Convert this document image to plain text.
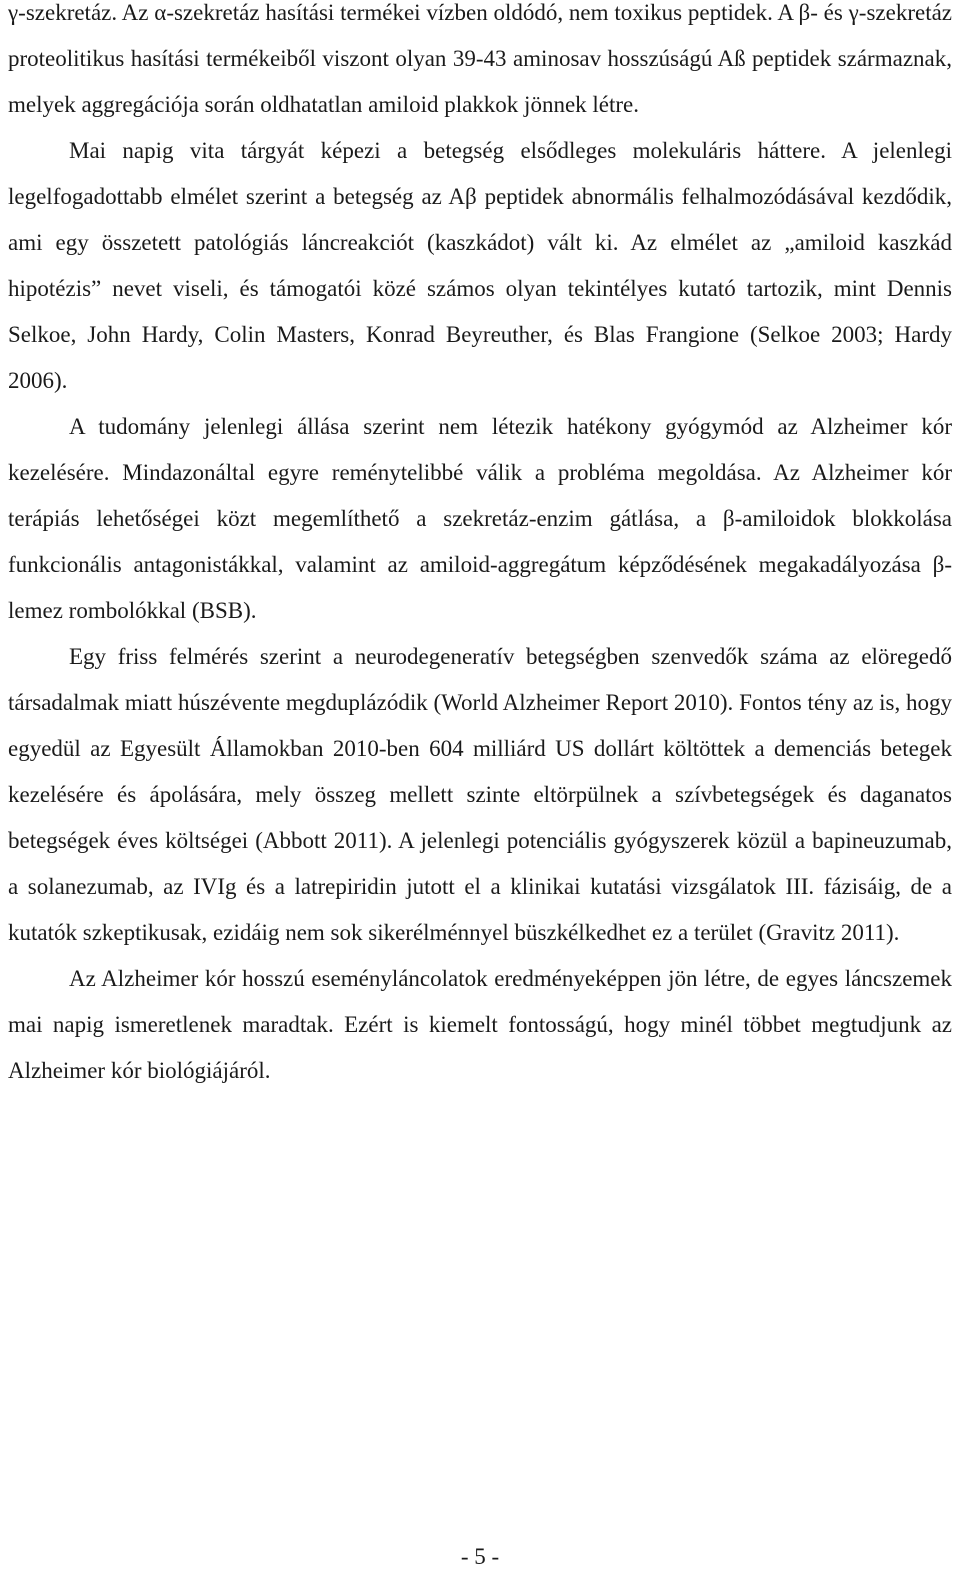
γ-szekretáz. Az α-szekretáz hasítási termékei vízben oldódó, nem toxikus peptidek. A β- és γ-szekretáz proteolitikus hasítási termékeiből viszont olyan 39-43 aminosav hosszúságú Aß peptidek származnak, melyek aggregációja során oldhatatlan amiloid plakkok jönnek létre.

Mai napig vita tárgyát képezi a betegség elsődleges molekuláris háttere. A jelenlegi legelfogadottabb elmélet szerint a betegség az Aβ peptidek abnormális felhalmozódásával kezdődik, ami egy összetett patológiás láncreakciót (kaszkádot) vált ki. Az elmélet az „amiloid kaszkád hipotézis” nevet viseli, és támogatói közé számos olyan tekintélyes kutató tartozik, mint Dennis Selkoe, John Hardy, Colin Masters, Konrad Beyreuther, és Blas Frangione (Selkoe 2003; Hardy 2006).

A tudomány jelenlegi állása szerint nem létezik hatékony gyógymód az Alzheimer kór kezelésére. Mindazonáltal egyre reménytelibbé válik a probléma megoldása. Az Alzheimer kór terápiás lehetőségei közt megemlíthető a szekretáz-enzim gátlása, a β-amiloidok blokkolása funkcionális antagonistákkal, valamint az amiloid-aggregátum képződésének megakadályozása β-lemez rombolókkal (BSB).

Egy friss felmérés szerint a neurodegeneratív betegségben szenvedők száma az elöregedő társadalmak miatt húszévente megduplázódik (World Alzheimer Report 2010). Fontos tény az is, hogy egyedül az Egyesült Államokban 2010-ben 604 milliárd US dollárt költöttek a demenciás betegek kezelésére és ápolására, mely összeg mellett szinte eltörpülnek a szívbetegségek és daganatos betegségek éves költségei (Abbott 2011). A jelenlegi potenciális gyógyszerek közül a bapineuzumab, a solanezumab, az IVIg és a latrepiridin jutott el a klinikai kutatási vizsgálatok III. fázisáig, de a kutatók szkeptikusak, ezidáig nem sok sikerélménnyel büszkélkedhet ez a terület (Gravitz 2011).

Az Alzheimer kór hosszú eseményláncolatok eredményeképpen jön létre, de egyes láncszemek mai napig ismeretlenek maradtak. Ezért is kiemelt fontosságú, hogy minél többet megtudjunk az Alzheimer kór biológiájáról.

- 5 -
